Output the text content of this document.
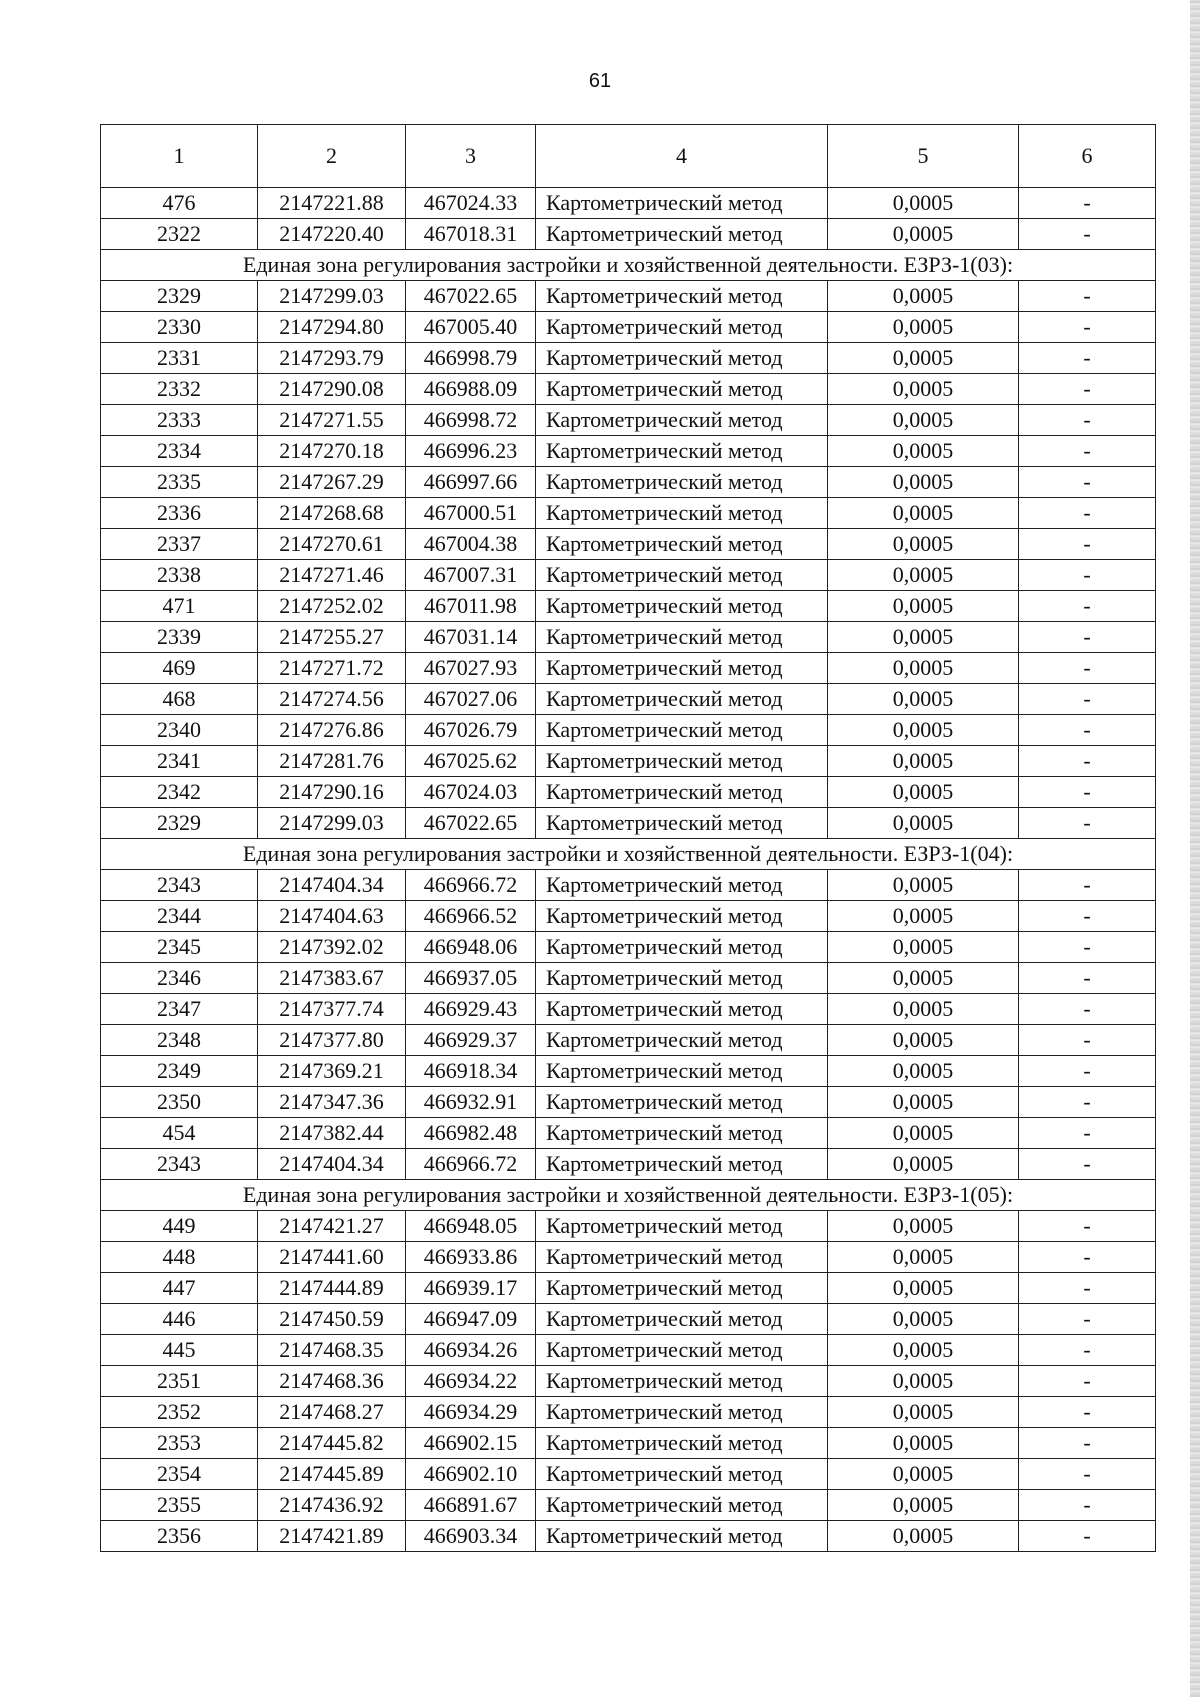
61
1	2	3	4	5	6
476	2147221.88	467024.33	Картометрический метод	0,0005	-
2322	2147220.40	467018.31	Картометрический метод	0,0005	-
Единая зона регулирования застройки и хозяйственной деятельности. ЕЗРЗ-1(03):					
2329	2147299.03	467022.65	Картометрический метод	0,0005	-
2330	2147294.80	467005.40	Картометрический метод	0,0005	-
2331	2147293.79	466998.79	Картометрический метод	0,0005	-
2332	2147290.08	466988.09	Картометрический метод	0,0005	-
2333	2147271.55	466998.72	Картометрический метод	0,0005	-
2334	2147270.18	466996.23	Картометрический метод	0,0005	-
2335	2147267.29	466997.66	Картометрический метод	0,0005	-
2336	2147268.68	467000.51	Картометрический метод	0,0005	-
2337	2147270.61	467004.38	Картометрический метод	0,0005	-
2338	2147271.46	467007.31	Картометрический метод	0,0005	-
471	2147252.02	467011.98	Картометрический метод	0,0005	-
2339	2147255.27	467031.14	Картометрический метод	0,0005	-
469	2147271.72	467027.93	Картометрический метод	0,0005	-
468	2147274.56	467027.06	Картометрический метод	0,0005	-
2340	2147276.86	467026.79	Картометрический метод	0,0005	-
2341	2147281.76	467025.62	Картометрический метод	0,0005	-
2342	2147290.16	467024.03	Картометрический метод	0,0005	-
2329	2147299.03	467022.65	Картометрический метод	0,0005	-
Единая зона регулирования застройки и хозяйственной деятельности. ЕЗРЗ-1(04):					
2343	2147404.34	466966.72	Картометрический метод	0,0005	-
2344	2147404.63	466966.52	Картометрический метод	0,0005	-
2345	2147392.02	466948.06	Картометрический метод	0,0005	-
2346	2147383.67	466937.05	Картометрический метод	0,0005	-
2347	2147377.74	466929.43	Картометрический метод	0,0005	-
2348	2147377.80	466929.37	Картометрический метод	0,0005	-
2349	2147369.21	466918.34	Картометрический метод	0,0005	-
2350	2147347.36	466932.91	Картометрический метод	0,0005	-
454	2147382.44	466982.48	Картометрический метод	0,0005	-
2343	2147404.34	466966.72	Картометрический метод	0,0005	-
Единая зона регулирования застройки и хозяйственной деятельности. ЕЗРЗ-1(05):					
449	2147421.27	466948.05	Картометрический метод	0,0005	-
448	2147441.60	466933.86	Картометрический метод	0,0005	-
447	2147444.89	466939.17	Картометрический метод	0,0005	-
446	2147450.59	466947.09	Картометрический метод	0,0005	-
445	2147468.35	466934.26	Картометрический метод	0,0005	-
2351	2147468.36	466934.22	Картометрический метод	0,0005	-
2352	2147468.27	466934.29	Картометрический метод	0,0005	-
2353	2147445.82	466902.15	Картометрический метод	0,0005	-
2354	2147445.89	466902.10	Картометрический метод	0,0005	-
2355	2147436.92	466891.67	Картометрический метод	0,0005	-
2356	2147421.89	466903.34	Картометрический метод	0,0005	-
